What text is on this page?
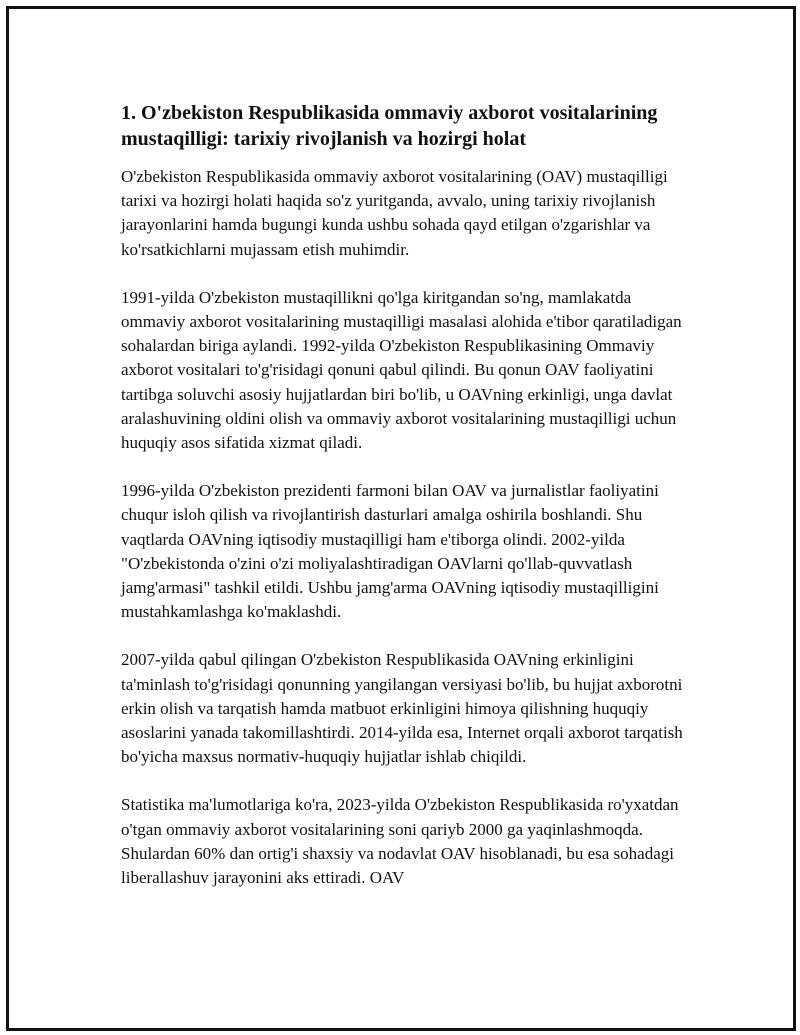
1. O'zbekiston Respublikasida ommaviy axborot vositalarining mustaqilligi: tarixiy rivojlanish va hozirgi holat

O'zbekiston Respublikasida ommaviy axborot vositalarining (OAV) mustaqilligi tarixi va hozirgi holati haqida so'z yuritganda, avvalo, uning tarixiy rivojlanish jarayonlarini hamda bugungi kunda ushbu sohada qayd etilgan o'zgarishlar va ko'rsatkichlarni mujassam etish muhimdir.

1991-yilda O'zbekiston mustaqillikni qo'lga kiritgandan so'ng, mamlakatda ommaviy axborot vositalarining mustaqilligi masalasi alohida e'tibor qaratiladigan sohalardan biriga aylandi. 1992-yilda O'zbekiston Respublikasining Ommaviy axborot vositalari to'g'risidagi qonuni qabul qilindi. Bu qonun OAV faoliyatini tartibga soluvchi asosiy hujjatlardan biri bo'lib, u OAVning erkinligi, unga davlat aralashuvining oldini olish va ommaviy axborot vositalarining mustaqilligi uchun huquqiy asos sifatida xizmat qiladi.

1996-yilda O'zbekiston prezidenti farmoni bilan OAV va jurnalistlar faoliyatini chuqur isloh qilish va rivojlantirish dasturlari amalga oshirila boshlandi. Shu vaqtlarda OAVning iqtisodiy mustaqilligi ham e'tiborga olindi. 2002-yilda "O'zbekistonda o'zini o'zi moliyalashtiradigan OAVlarni qo'llab-quvvatlash jamg'armasi" tashkil etildi. Ushbu jamg'arma OAVning iqtisodiy mustaqilligini mustahkamlashga ko'maklashdi.

2007-yilda qabul qilingan O'zbekiston Respublikasida OAVning erkinligini ta'minlash to'g'risidagi qonunning yangilangan versiyasi bo'lib, bu hujjat axborotni erkin olish va tarqatish hamda matbuot erkinligini himoya qilishning huquqiy asoslarini yanada takomillashtirdi. 2014-yilda esa, Internet orqali axborot tarqatish bo'yicha maxsus normativ-huquqiy hujjatlar ishlab chiqildi.

Statistika ma'lumotlariga ko'ra, 2023-yilda O'zbekiston Respublikasida ro'yxatdan o'tgan ommaviy axborot vositalarining soni qariyb 2000 ga yaqinlashmoqda. Shulardan 60% dan ortig'i shaxsiy va nodavlat OAV hisoblanadi, bu esa sohadagi liberallashuv jarayonini aks ettiradi. OAV
